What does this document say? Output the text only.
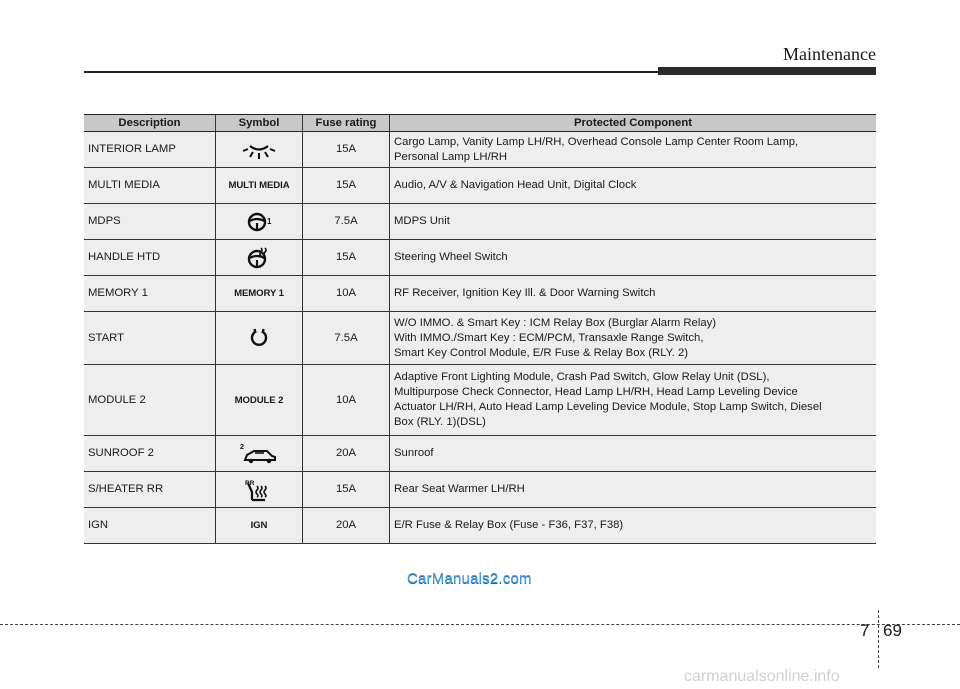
Maintenance
Description	Symbol	Fuse rating	Protected Component
INTERIOR LAMP		15A	Cargo Lamp, Vanity Lamp LH/RH, Overhead Console Lamp Center Room Lamp,
Personal Lamp LH/RH

MULTI MEDIA	MULTI MEDIA	15A	Audio, A/V & Navigation Head Unit, Digital Clock

MDPS	1	7.5A	MDPS Unit

HANDLE HTD		15A	Steering Wheel Switch

MEMORY 1	MEMORY 1	10A	RF Receiver, Ignition Key Ill. & Door Warning Switch

START		7.5A	W/O IMMO. & Smart Key : ICM Relay Box (Burglar Alarm Relay)
With IMMO./Smart Key : ECM/PCM, Transaxle Range Switch,
Smart Key Control Module, E/R Fuse & Relay Box (RLY. 2)

MODULE 2	MODULE 2	10A	Adaptive Front Lighting Module, Crash Pad Switch, Glow Relay Unit (DSL),
Multipurpose Check Connector, Head Lamp LH/RH, Head Lamp Leveling Device
Actuator LH/RH, Auto Head Lamp Leveling Device Module, Stop Lamp Switch, Diesel
Box (RLY. 1)(DSL)

SUNROOF 2	2	20A	Sunroof

S/HEATER RR	RR	15A	Rear Seat Warmer LH/RH

IGN	IGN	20A	E/R Fuse & Relay Box (Fuse - F36, F37, F38)
CarManuals2.com
7 69
carmanualsonline.info
